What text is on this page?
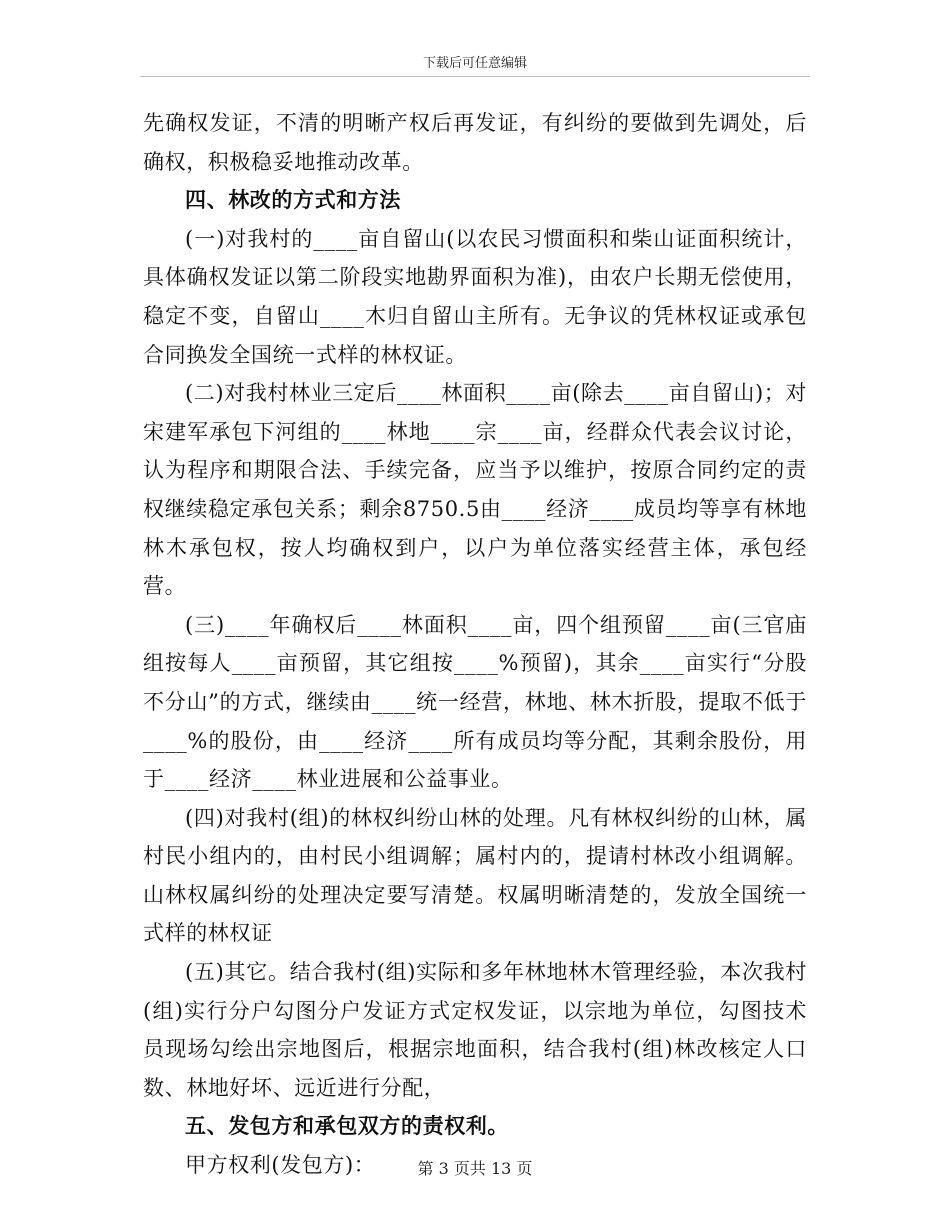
下载后可任意编辑

先确权发证，不清的明晰产权后再发证，有纠纷的要做到先调处，后确权，积极稳妥地推动改革。

四、林改的方式和方法

(一)对我村的____亩自留山(以农民习惯面积和柴山证面积统计，具体确权发证以第二阶段实地勘界面积为准)，由农户长期无偿使用，稳定不变，自留山____木归自留山主所有。无争议的凭林权证或承包合同换发全国统一式样的林权证。

(二)对我村林业三定后____林面积____亩(除去____亩自留山)；对宋建军承包下河组的____林地____宗____亩，经群众代表会议讨论，认为程序和期限合法、手续完备，应当予以维护，按原合同约定的责权继续稳定承包关系；剩余8750.5由____经济____成员均等享有林地林木承包权，按人均确权到户，以户为单位落实经营主体，承包经营。

(三)____年确权后____林面积____亩，四个组预留____亩(三官庙组按每人____亩预留，其它组按____%预留)，其余____亩实行“分股不分山”的方式，继续由____统一经营，林地、林木折股，提取不低于____%的股份，由____经济____所有成员均等分配，其剩余股份，用于____经济____林业进展和公益事业。

(四)对我村(组)的林权纠纷山林的处理。凡有林权纠纷的山林，属村民小组内的，由村民小组调解；属村内的，提请村林改小组调解。山林权属纠纷的处理决定要写清楚。权属明晰清楚的，发放全国统一式样的林权证

(五)其它。结合我村(组)实际和多年林地林木管理经验，本次我村(组)实行分户勾图分户发证方式定权发证，以宗地为单位，勾图技术员现场勾绘出宗地图后，根据宗地面积，结合我村(组)林改核定人口数、林地好坏、远近进行分配，

五、发包方和承包双方的责权利。

甲方权利(发包方)：	第 3 页共 13 页
